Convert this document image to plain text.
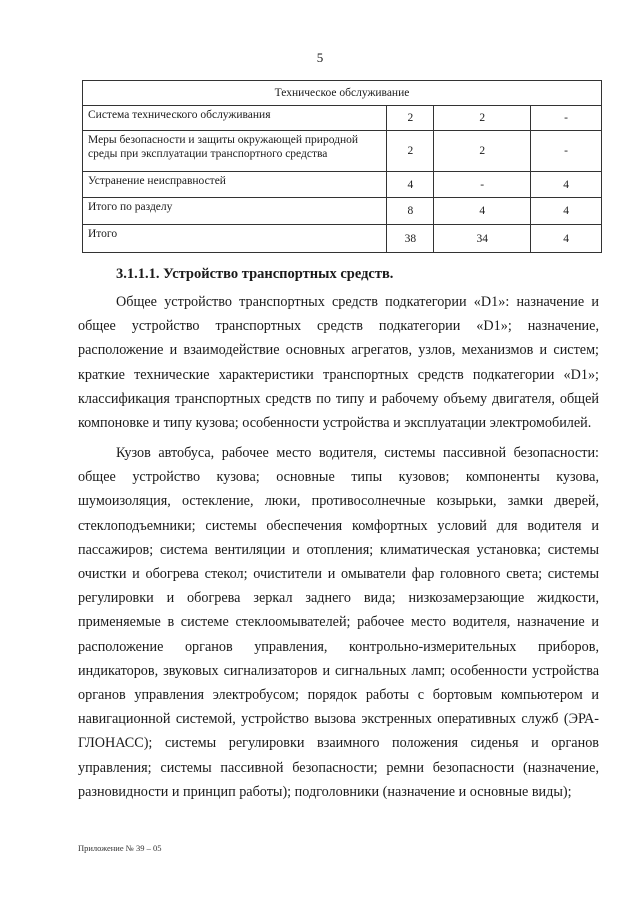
5
Техническое обслуживание			
Система технического обслуживания	2	2	-
Меры безопасности и защиты окружающей природной среды при эксплуатации транспортного средства	2	2	-
Устранение неисправностей	4	-	4
Итого по разделу	8	4	4
Итого	38	34	4
3.1.1.1. Устройство транспортных средств.

Общее устройство транспортных средств подкатегории «D1»: назначение и общее устройство транспортных средств подкатегории «D1»; назначение, расположение и взаимодействие основных агрегатов, узлов, механизмов и систем; краткие технические характеристики транспортных средств подкатегории «D1»; классификация транспортных средств по типу и рабочему объему двигателя, общей компоновке и типу кузова; особенности устройства и эксплуатации электромобилей.

Кузов автобуса, рабочее место водителя, системы пассивной безопасности: общее устройство кузова; основные типы кузовов; компоненты кузова, шумоизоляция, остекление, люки, противосолнечные козырьки, замки дверей, стеклоподъемники; системы обеспечения комфортных условий для водителя и пассажиров; система вентиляции и отопления; климатическая установка; системы очистки и обогрева стекол; очистители и омыватели фар головного света; системы регулировки и обогрева зеркал заднего вида; низкозамерзающие жидкости, применяемые в системе стеклоомывателей; рабочее место водителя, назначение и расположение органов управления, контрольно-измерительных приборов, индикаторов, звуковых сигнализаторов и сигнальных ламп; особенности устройства органов управления электробусом; порядок работы с бортовым компьютером и навигационной системой, устройство вызова экстренных оперативных служб (ЭРА-ГЛОНАСС); системы регулировки взаимного положения сиденья и органов управления; системы пассивной безопасности; ремни безопасности (назначение, разновидности и принцип работы); подголовники (назначение и основные виды);

Приложение № 39 – 05
